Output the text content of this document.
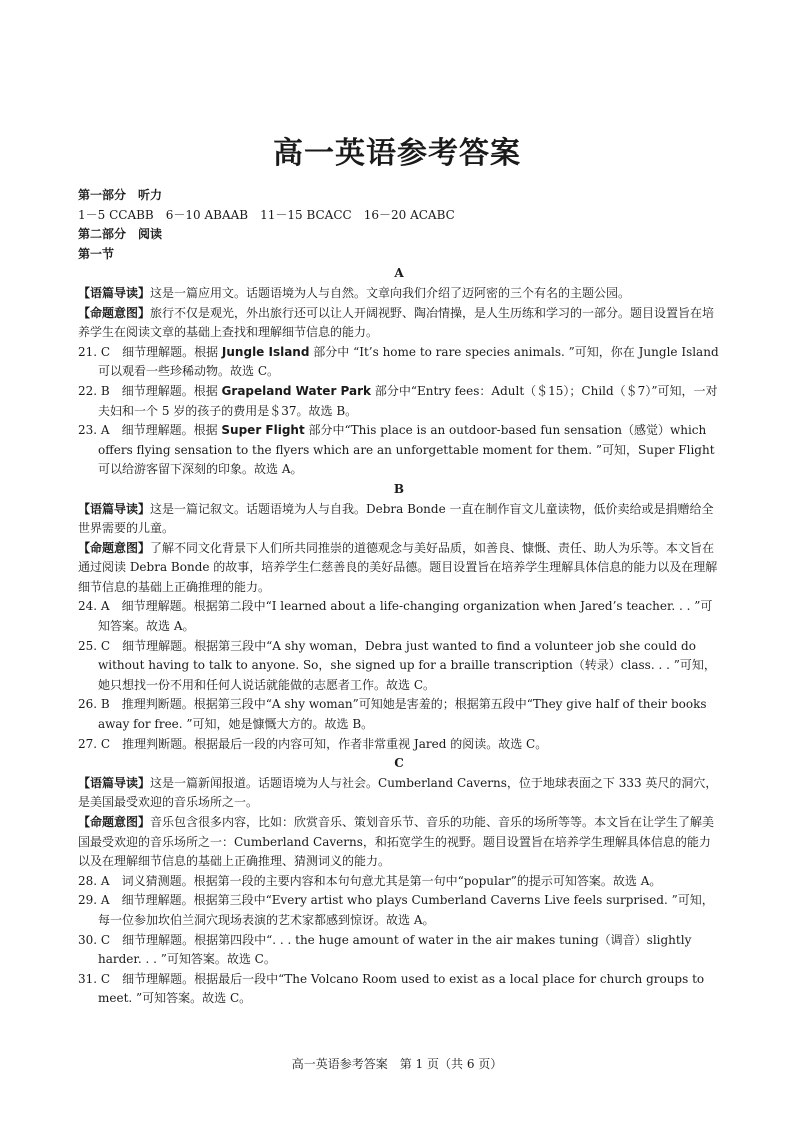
高一英语参考答案
第一部分　听力
1－5 CCABB　6－10 ABAAB　11－15 BCACC　16－20 ACABC
第二部分　阅读
第一节
A
【语篇导读】这是一篇应用文。话题语境为人与自然。文章向我们介绍了迈阿密的三个有名的主题公园。
【命题意图】旅行不仅是观光，外出旅行还可以让人开阔视野、陶冶情操，是人生历练和学习的一部分。题目设置旨在培养学生在阅读文章的基础上查找和理解细节信息的能力。
21. C　细节理解题。根据 Jungle Island 部分中 “It’s home to rare species animals. ”可知，你在 Jungle Island 可以观看一些珍稀动物。故选 C。
22. B　细节理解题。根据 Grapeland Water Park 部分中“Entry fees：Adult（＄15）；Child（＄7）”可知，一对夫妇和一个 5 岁的孩子的费用是＄37。故选 B。
23. A　细节理解题。根据 Super Flight 部分中“This place is an outdoor-based fun sensation（感觉）which offers flying sensation to the flyers which are an unforgettable moment for them. ”可知，Super Flight 可以给游客留下深刻的印象。故选 A。
B
【语篇导读】这是一篇记叙文。话题语境为人与自我。Debra Bonde 一直在制作盲文儿童读物，低价卖给或是捐赠给全世界需要的儿童。
【命题意图】了解不同文化背景下人们所共同推崇的道德观念与美好品质，如善良、慷慨、责任、助人为乐等。本文旨在通过阅读 Debra Bonde 的故事，培养学生仁慈善良的美好品德。题目设置旨在培养学生理解具体信息的能力以及在理解细节信息的基础上正确推理的能力。
24. A　细节理解题。根据第二段中“I learned about a life-changing organization when Jared’s teacher. . . ”可知答案。故选 A。
25. C　细节理解题。根据第三段中“A shy woman，Debra just wanted to find a volunteer job she could do without having to talk to anyone. So，she signed up for a braille transcription（转录）class. . . ”可知，她只想找一份不用和任何人说话就能做的志愿者工作。故选 C。
26. B　推理判断题。根据第三段中“A shy woman”可知她是害羞的；根据第五段中“They give half of their books away for free. ”可知，她是慷慨大方的。故选 B。
27. C　推理判断题。根据最后一段的内容可知，作者非常重视 Jared 的阅读。故选 C。
C
【语篇导读】这是一篇新闻报道。话题语境为人与社会。Cumberland Caverns，位于地球表面之下 333 英尺的洞穴，是美国最受欢迎的音乐场所之一。
【命题意图】音乐包含很多内容，比如：欣赏音乐、策划音乐节、音乐的功能、音乐的场所等等。本文旨在让学生了解美国最受欢迎的音乐场所之一：Cumberland Caverns，和拓宽学生的视野。题目设置旨在培养学生理解具体信息的能力以及在理解细节信息的基础上正确推理、猜测词义的能力。
28. A　词义猜测题。根据第一段的主要内容和本句句意尤其是第一句中“popular”的提示可知答案。故选 A。
29. A　细节理解题。根据第三段中“Every artist who plays Cumberland Caverns Live feels surprised. ”可知，每一位参加坎伯兰洞穴现场表演的艺术家都感到惊讶。故选 A。
30. C　细节理解题。根据第四段中“. . . the huge amount of water in the air makes tuning（调音）slightly harder. . . ”可知答案。故选 C。
31. C　细节理解题。根据最后一段中“The Volcano Room used to exist as a local place for church groups to meet. ”可知答案。故选 C。
高一英语参考答案　第 1 页（共 6 页）
